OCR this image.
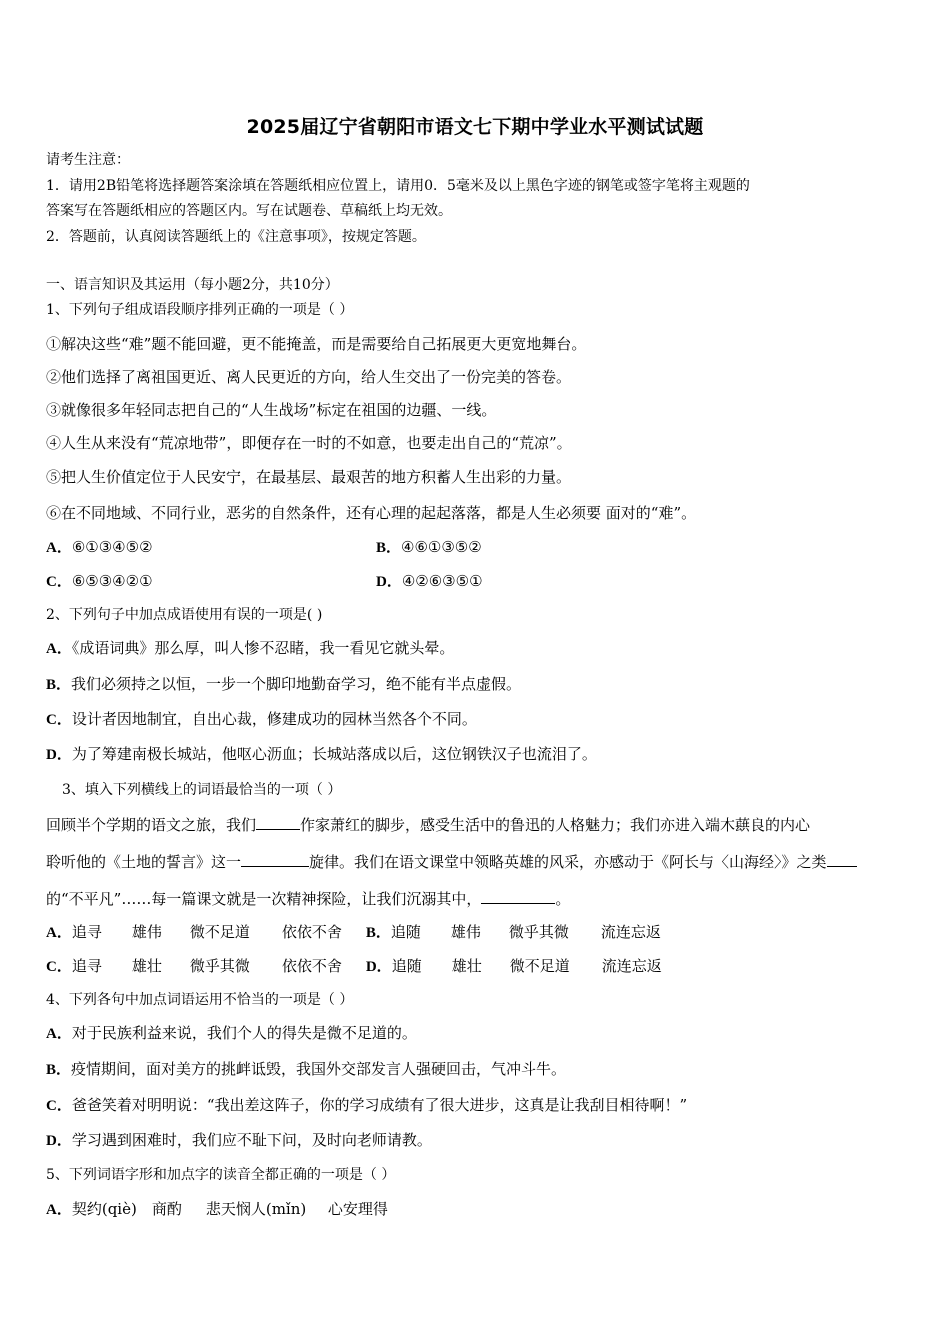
2025届辽宁省朝阳市语文七下期中学业水平测试试题
请考生注意：
1．请用2B铅笔将选择题答案涂填在答题纸相应位置上，请用0．5毫米及以上黑色字迹的钢笔或签字笔将主观题的
答案写在答题纸相应的答题区内。写在试题卷、草稿纸上均无效。
2．答题前，认真阅读答题纸上的《注意事项》，按规定答题。
一、语言知识及其运用（每小题2分，共10分）
1、下列句子组成语段顺序排列正确的一项是（ ）
①解决这些“难”题不能回避，更不能掩盖，而是需要给自己拓展更大更宽地舞台。
②他们选择了离祖国更近、离人民更近的方向，给人生交出了一份完美的答卷。
③就像很多年轻同志把自己的“人生战场”标定在祖国的边疆、一线。
④人生从来没有“荒凉地带”，即便存在一时的不如意，也要走出自己的“荒凉”。
⑤把人生价值定位于人民安宁，在最基层、最艰苦的地方积蓄人生出彩的力量。
⑥在不同地域、不同行业，恶劣的自然条件，还有心理的起起落落，都是人生必须要 面对的“难”。
A．⑥①③④⑤②	B．④⑥①③⑤②
C．⑥⑤③④②①	D．④②⑥③⑤①
2、下列句子中加点成语使用有误的一项是( )
A．《成语词典》那么厚，叫人惨不忍睹，我一看见它就头晕。
B．我们必须持之以恒，一步一个脚印地勤奋学习，绝不能有半点虚假。
C．设计者因地制宜，自出心裁，修建成功的园林当然各个不同。
D．为了筹建南极长城站，他呕心沥血；长城站落成以后，这位钢铁汉子也流泪了。
3、填入下列横线上的词语最恰当的一项（ ）
回顾半个学期的语文之旅，我们	作家萧红的脚步，感受生活中的鲁迅的人格魅力；我们亦进入端木蕻良的内心
聆听他的《土地的誓言》这一	旋律。我们在语文课堂中领略英雄的风采，亦感动于《阿长与〈山海经〉》之类
的“不平凡”……每一篇课文就是一次精神探险，让我们沉溺其中，	。
A．追寻 雄伟 微不足道 依依不舍 B．追随 雄伟 微乎其微 流连忘返
C．追寻 雄壮 微乎其微 依依不舍 D．追随 雄壮 微不足道 流连忘返
4、下列各句中加点词语运用不恰当的一项是（ ）
A．对于民族利益来说，我们个人的得失是微不足道的。
B．疫情期间，面对美方的挑衅诋毁，我国外交部发言人强硬回击，气冲斗牛。
C．爸爸笑着对明明说：“我出差这阵子，你的学习成绩有了很大进步，这真是让我刮目相待啊！”
D．学习遇到困难时，我们应不耻下问，及时向老师请教。
5、下列词语字形和加点字的读音全都正确的一项是（ ）
A．契约(qiè) 商酌 悲天悯人(mǐn) 心安理得
